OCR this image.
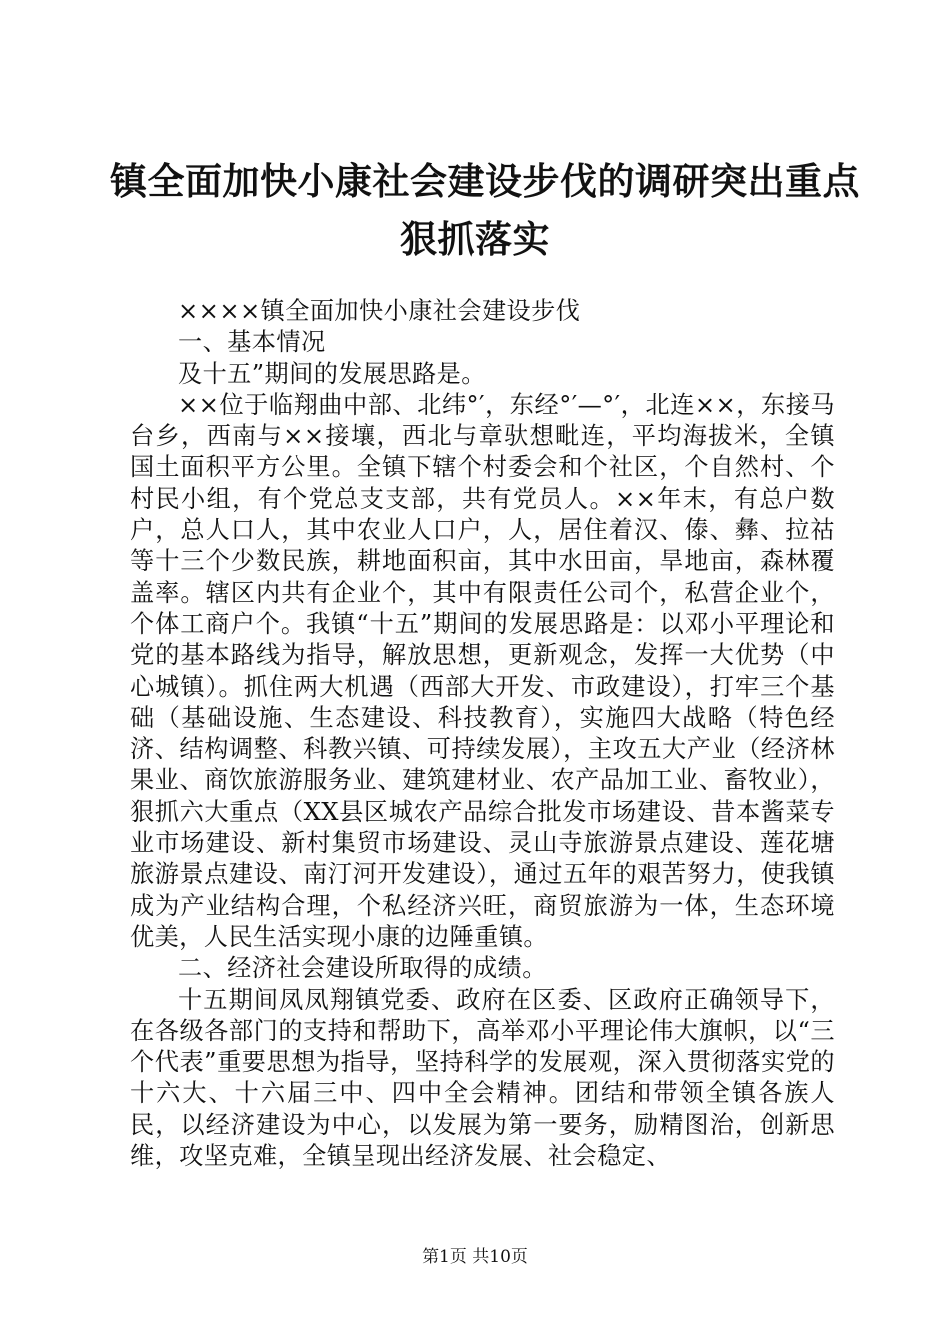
镇全面加快小康社会建设步伐的调研突出重点
狠抓落实

××××镇全面加快小康社会建设步伐

一、基本情况

及十五”期间的发展思路是。

××位于临翔曲中部、北纬°′，东经°′—°′，北连××，东接马台乡，西南与××接壤，西北与章驮想毗连，平均海拔米，全镇国土面积平方公里。全镇下辖个村委会和个社区，个自然村、个村民小组，有个党总支支部，共有党员人。××年末，有总户数户，总人口人，其中农业人口户，人，居住着汉、傣、彝、拉祜等十三个少数民族，耕地面积亩，其中水田亩，旱地亩，森林覆盖率。辖区内共有企业个，其中有限责任公司个，私营企业个，个体工商户个。我镇“十五”期间的发展思路是：以邓小平理论和党的基本路线为指导，解放思想，更新观念，发挥一大优势（中心城镇）。抓住两大机遇（西部大开发、市政建设），打牢三个基础（基础设施、生态建设、科技教育），实施四大战略（特色经济、结构调整、科教兴镇、可持续发展），主攻五大产业（经济林果业、商饮旅游服务业、建筑建材业、农产品加工业、畜牧业），狠抓六大重点（XX县区城农产品综合批发市场建设、昔本酱菜专业市场建设、新村集贸市场建设、灵山寺旅游景点建设、莲花塘旅游景点建设、南汀河开发建设），通过五年的艰苦努力，使我镇成为产业结构合理，个私经济兴旺，商贸旅游为一体，生态环境优美，人民生活实现小康的边陲重镇。

二、经济社会建设所取得的成绩。

十五期间凤凤翔镇党委、政府在区委、区政府正确领导下，在各级各部门的支持和帮助下，高举邓小平理论伟大旗帜，以“三个代表”重要思想为指导，坚持科学的发展观，深入贯彻落实党的十六大、十六届三中、四中全会精神。团结和带领全镇各族人民，以经济建设为中心，以发展为第一要务，励精图治，创新思维，攻坚克难，全镇呈现出经济发展、社会稳定、

第1页 共10页
